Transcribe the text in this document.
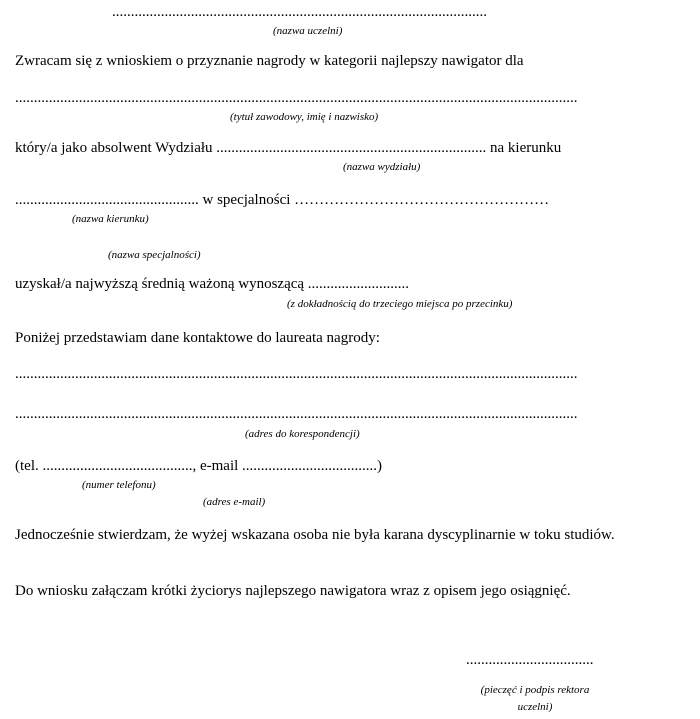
....................................................................................................
(nazwa uczelni)
Zwracam się z wnioskiem o przyznanie nagrody w kategorii najlepszy nawigator dla
......................................................................................................................................................
(tytuł zawodowy, imię i nazwisko)
który/a jako absolwent Wydziału ........................................................................ na kierunku
(nazwa wydziału)
................................................. w specjalności ……………………………………………
(nazwa kierunku)
(nazwa specjalności)
uzyskał/a najwyższą średnią ważoną wynoszącą ...........................
(z dokładnością do trzeciego miejsca po przecinku)
Poniżej przedstawiam dane kontaktowe do laureata nagrody:
......................................................................................................................................................
......................................................................................................................................................
(adres do korespondencji)
(tel. ........................................, e-mail ....................................)
(numer telefonu)
(adres e-mail)
Jednocześnie stwierdzam, że wyżej wskazana osoba nie była karana dyscyplinarnie w toku studiów.
Do wniosku załączam krótki życiorys najlepszego nawigatora wraz z opisem jego osiągnięć.
..................................
(pieczęć i podpis rektora
uczelni)
